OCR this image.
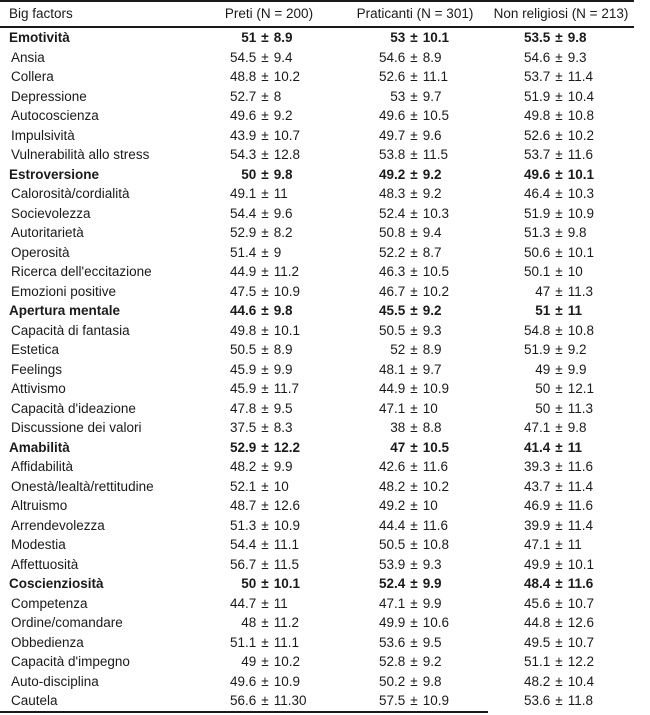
Big factors	Preti (N = 200)	Praticanti (N = 301)	Non religiosi (N = 213)
Emotività	51 ± 8.9	53 ± 10.1	53.5 ± 9.8

Ansia	54.5 ± 9.4	54.6 ± 8.9	54.6 ± 9.3

Collera	48.8 ± 10.2	52.6 ± 11.1	53.7 ± 11.4

Depressione	52.7 ± 8	53 ± 9.7	51.9 ± 10.4

Autocoscienza	49.6 ± 9.2	49.6 ± 10.5	49.8 ± 10.8

Impulsività	43.9 ± 10.7	49.7 ± 9.6	52.6 ± 10.2

Vulnerabilità allo stress	54.3 ± 12.8	53.8 ± 11.5	53.7 ± 11.6

Estroversione	50 ± 9.8	49.2 ± 9.2	49.6 ± 10.1

Calorosità/cordialità	49.1 ± 11	48.3 ± 9.2	46.4 ± 10.3

Socievolezza	54.4 ± 9.6	52.4 ± 10.3	51.9 ± 10.9

Autoritarietà	52.9 ± 8.2	50.8 ± 9.4	51.3 ± 9.8

Operosità	51.4 ± 9	52.2 ± 8.7	50.6 ± 10.1

Ricerca dell'eccitazione	44.9 ± 11.2	46.3 ± 10.5	50.1 ± 10

Emozioni positive	47.5 ± 10.9	46.7 ± 10.2	47 ± 11.3

Apertura mentale	44.6 ± 9.8	45.5 ± 9.2	51 ± 11

Capacità di fantasia	49.8 ± 10.1	50.5 ± 9.3	54.8 ± 10.8

Estetica	50.5 ± 8.9	52 ± 8.9	51.9 ± 9.2

Feelings	45.9 ± 9.9	48.1 ± 9.7	49 ± 9.9

Attivismo	45.9 ± 11.7	44.9 ± 10.9	50 ± 12.1

Capacità d'ideazione	47.8 ± 9.5	47.1 ± 10	50 ± 11.3

Discussione dei valori	37.5 ± 8.3	38 ± 8.8	47.1 ± 9.8

Amabilità	52.9 ± 12.2	47 ± 10.5	41.4 ± 11

Affidabilità	48.2 ± 9.9	42.6 ± 11.6	39.3 ± 11.6

Onestà/lealtà/rettitudine	52.1 ± 10	48.2 ± 10.2	43.7 ± 11.4

Altruismo	48.7 ± 12.6	49.2 ± 10	46.9 ± 11.6

Arrendevolezza	51.3 ± 10.9	44.4 ± 11.6	39.9 ± 11.4

Modestia	54.4 ± 11.1	50.5 ± 10.8	47.1 ± 11

Affettuosità	56.7 ± 11.5	53.9 ± 9.3	49.9 ± 10.1

Coscienziosità	50 ± 10.1	52.4 ± 9.9	48.4 ± 11.6

Competenza	44.7 ± 11	47.1 ± 9.9	45.6 ± 10.7

Ordine/comandare	48 ± 11.2	49.9 ± 10.6	44.8 ± 12.6

Obbedienza	51.1 ± 11.1	53.6 ± 9.5	49.5 ± 10.7

Capacità d'impegno	49 ± 10.2	52.8 ± 9.2	51.1 ± 12.2

Auto-disciplina	49.6 ± 10.9	50.2 ± 9.8	48.2 ± 10.4

Cautela	56.6 ± 11.30	57.5 ± 10.9	53.6 ± 11.8
